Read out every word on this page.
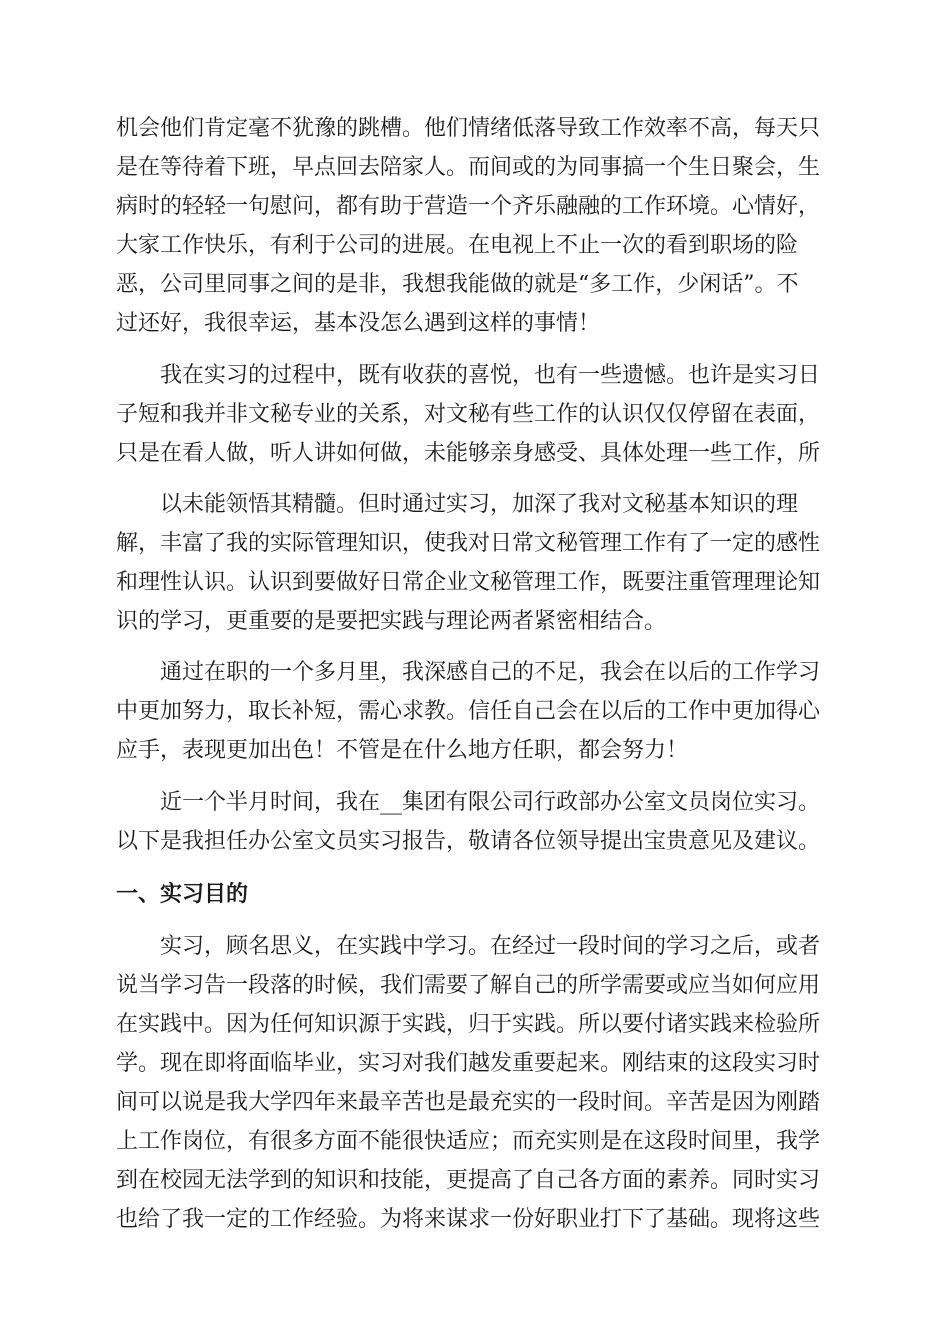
机会他们肯定毫不犹豫的跳槽。他们情绪低落导致工作效率不高，每天只
是在等待着下班，早点回去陪家人。而间或的为同事搞一个生日聚会，生
病时的轻轻一句慰问，都有助于营造一个齐乐融融的工作环境。心情好，
大家工作快乐，有利于公司的进展。在电视上不止一次的看到职场的险
恶，公司里同事之间的是非，我想我能做的就是“多工作，少闲话”。不
过还好，我很幸运，基本没怎么遇到这样的事情！
　　我在实习的过程中，既有收获的喜悦，也有一些遗憾。也许是实习日
子短和我并非文秘专业的关系，对文秘有些工作的认识仅仅停留在表面，
只是在看人做，听人讲如何做，未能够亲身感受、具体处理一些工作，所
　　以未能领悟其精髓。但时通过实习，加深了我对文秘基本知识的理
解，丰富了我的实际管理知识，使我对日常文秘管理工作有了一定的感性
和理性认识。认识到要做好日常企业文秘管理工作，既要注重管理理论知
识的学习，更重要的是要把实践与理论两者紧密相结合。
　　通过在职的一个多月里，我深感自己的不足，我会在以后的工作学习
中更加努力，取长补短，需心求教。信任自己会在以后的工作中更加得心
应手，表现更加出色！不管是在什么地方任职，都会努力！
　　近一个半月时间，我在__集团有限公司行政部办公室文员岗位实习。
以下是我担任办公室文员实习报告，敬请各位领导提出宝贵意见及建议。
一、实习目的
　　实习，顾名思义，在实践中学习。在经过一段时间的学习之后，或者
说当学习告一段落的时候，我们需要了解自己的所学需要或应当如何应用
在实践中。因为任何知识源于实践，归于实践。所以要付诸实践来检验所
学。现在即将面临毕业，实习对我们越发重要起来。刚结束的这段实习时
间可以说是我大学四年来最辛苦也是最充实的一段时间。辛苦是因为刚踏
上工作岗位，有很多方面不能很快适应；而充实则是在这段时间里，我学
到在校园无法学到的知识和技能，更提高了自己各方面的素养。同时实习
也给了我一定的工作经验。为将来谋求一份好职业打下了基础。现将这些
